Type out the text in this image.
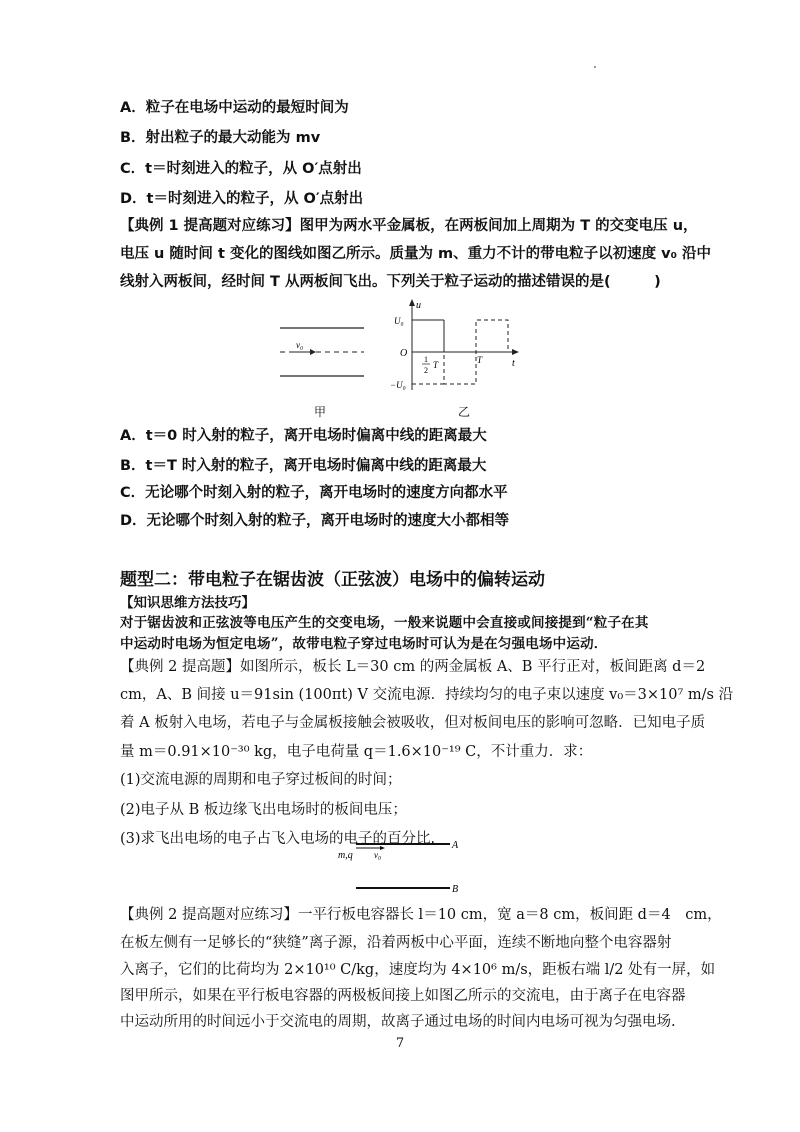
A．粒子在电场中运动的最短时间为
B．射出粒子的最大动能为 mv
C．t＝时刻进入的粒子，从 O′点射出
D．t＝时刻进入的粒子，从 O′点射出
【典例 1 提高题对应练习】图甲为两水平金属板，在两板间加上周期为 T 的交变电压 u，
电压 u 随时间 t 变化的图线如图乙所示。质量为 m、重力不计的带电粒子以初速度 v₀ 沿中
线射入两板间，经时间 T 从两板间飞出。下列关于粒子运动的描述错误的是(　　　)
v₀
甲
u
U₀
−U₀
O
1
2
T	T	t
乙
A．t＝0 时入射的粒子，离开电场时偏离中线的距离最大
B．t＝T 时入射的粒子，离开电场时偏离中线的距离最大
C．无论哪个时刻入射的粒子，离开电场时的速度方向都水平
D．无论哪个时刻入射的粒子，离开电场时的速度大小都相等
题型二：带电粒子在锯齿波（正弦波）电场中的偏转运动
【知识思维方法技巧】
对于锯齿波和正弦波等电压产生的交变电场，一般来说题中会直接或间接提到“粒子在其
中运动时电场为恒定电场”，故带电粒子穿过电场时可认为是在匀强电场中运动．
【典例 2 提高题】如图所示，板长 L＝30 cm 的两金属板 A、B 平行正对，板间距离 d＝2
cm，A、B 间接 u＝91sin (100πt) V 交流电源．持续均匀的电子束以速度 v₀＝3×10⁷ m/s 沿
着 A 板射入电场，若电子与金属板接触会被吸收，但对板间电压的影响可忽略．已知电子质
量 m＝0.91×10⁻³⁰ kg，电子电荷量 q＝1.6×10⁻¹⁹ C，不计重力．求：
(1)交流电源的周期和电子穿过板间的时间；
(2)电子从 B 板边缘飞出电场时的板间电压；
(3)求飞出电场的电子占飞入电场的电子的百分比.
m,q v₀
A
B
【典例 2 提高题对应练习】一平行板电容器长 l＝10 cm，宽 a＝8 cm，板间距 d＝4　cm，
在板左侧有一足够长的“狭缝”离子源，沿着两板中心平面，连续不断地向整个电容器射
入离子，它们的比荷均为 2×10¹⁰ C/kg，速度均为 4×10⁶ m/s，距板右端 l/2 处有一屏，如
图甲所示，如果在平行板电容器的两极板间接上如图乙所示的交流电，由于离子在电容器
中运动所用的时间远小于交流电的周期，故离子通过电场的时间内电场可视为匀强电场.
7
